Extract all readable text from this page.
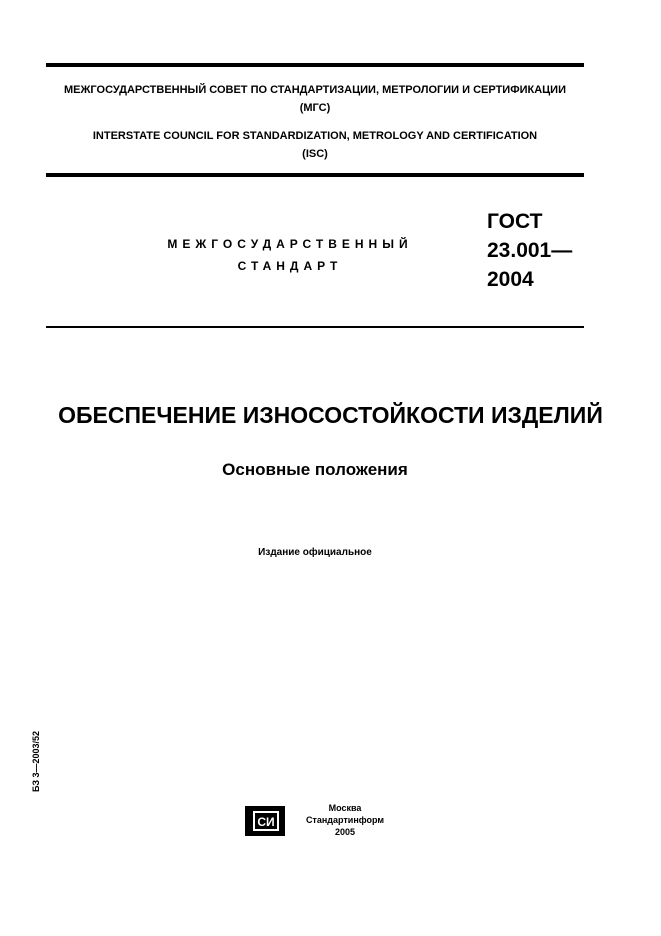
МЕЖГОСУДАРСТВЕННЫЙ СОВЕТ ПО СТАНДАРТИЗАЦИИ, МЕТРОЛОГИИ И СЕРТИФИКАЦИИ
(МГС)
INTERSTATE COUNCIL FOR STANDARDIZATION, METROLOGY AND CERTIFICATION
(ISC)
МЕЖГОСУДАРСТВЕННЫЙ
СТАНДАРТ
ГОСТ
23.001—
2004
ОБЕСПЕЧЕНИЕ ИЗНОСОСТОЙКОСТИ ИЗДЕЛИЙ
Основные положения
Издание официальное
БЗ 3—2003/52
СИ
Москва
Стандартинформ
2005
